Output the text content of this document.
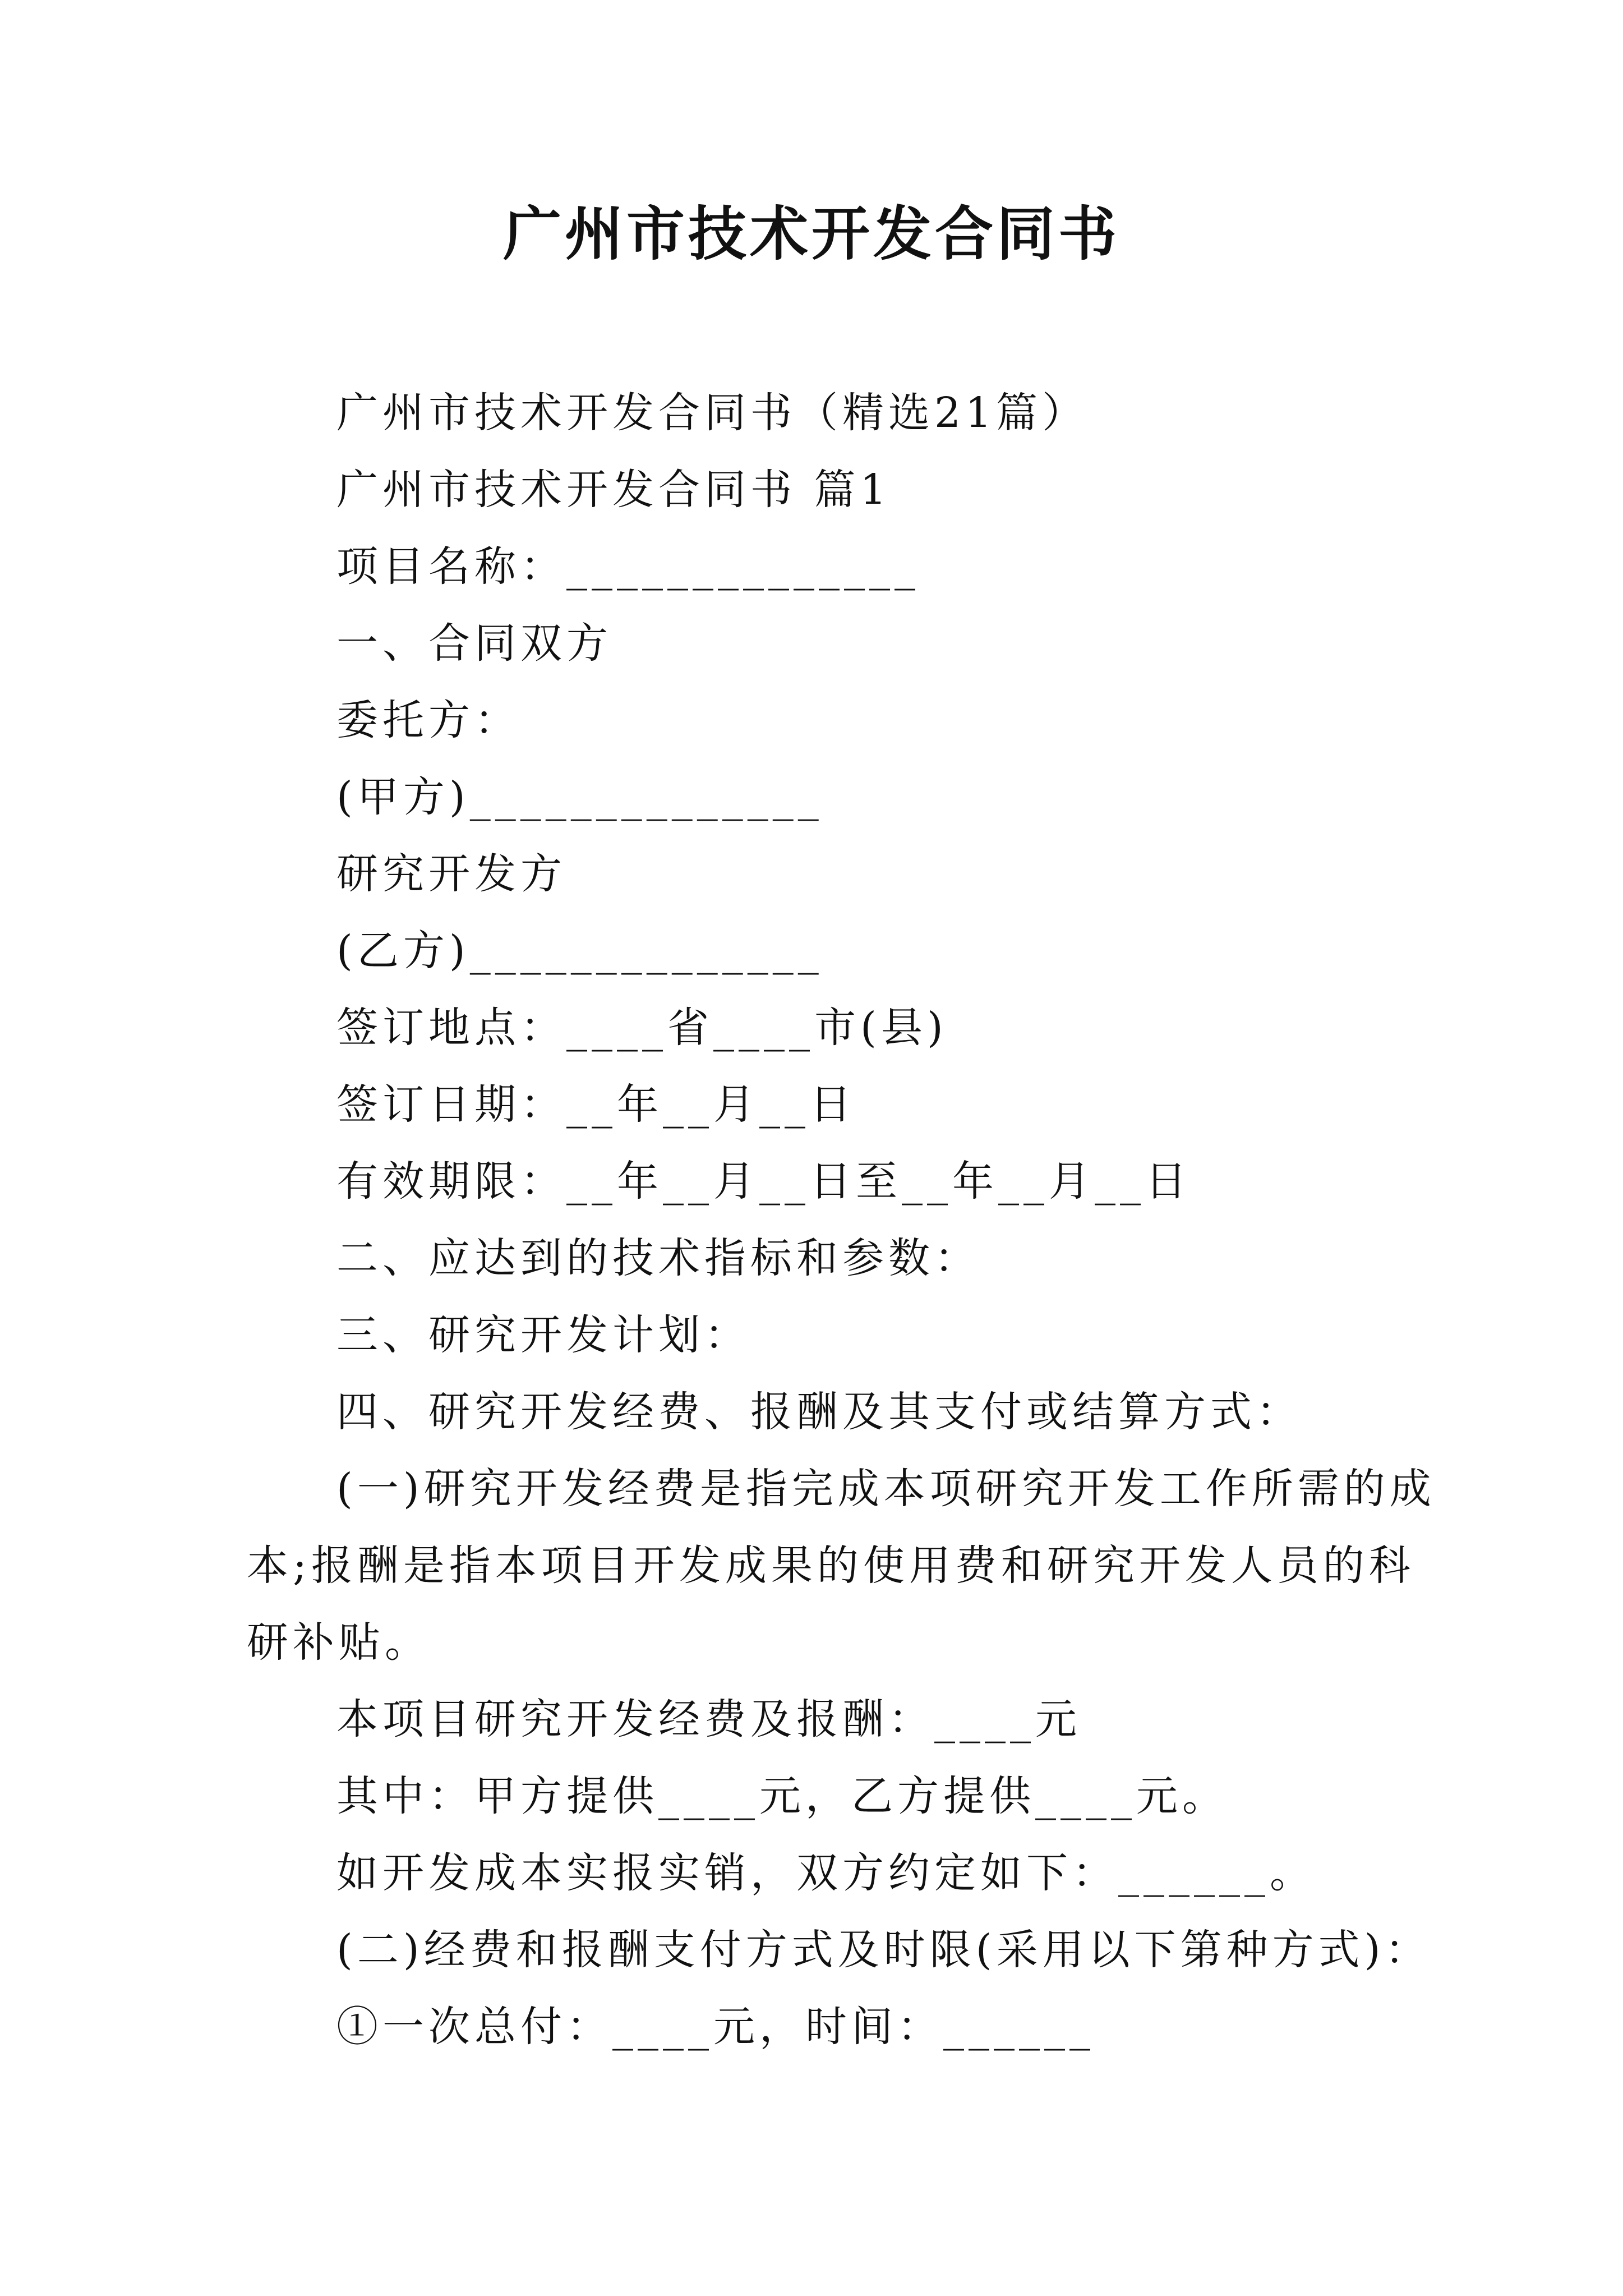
广州市技术开发合同书
广州市技术开发合同书（精选21篇）
广州市技术开发合同书 篇1
项目名称：______________
一、合同双方
委托方：
(甲方)______________
研究开发方
(乙方)______________
签订地点：____省____市(县)
签订日期：__年__月__日
有效期限：__年__月__日至__年__月__日
二、应达到的技术指标和参数：
三、研究开发计划：
四、研究开发经费、报酬及其支付或结算方式：
(一)研究开发经费是指完成本项研究开发工作所需的成
本;报酬是指本项目开发成果的使用费和研究开发人员的科
研补贴。
本项目研究开发经费及报酬：____元
其中：甲方提供____元，乙方提供____元。
如开发成本实报实销，双方约定如下：______。
(二)经费和报酬支付方式及时限(采用以下第种方式)：
①一次总付：____元，时间：______
